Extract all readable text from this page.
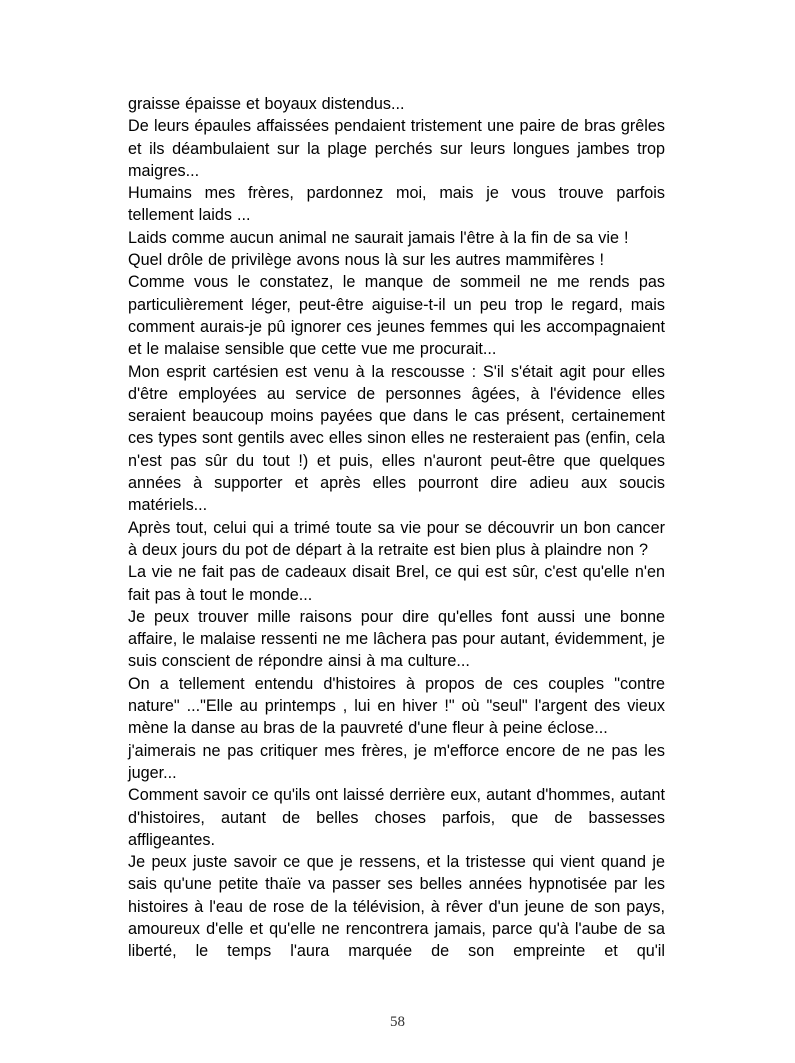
graisse épaisse et boyaux distendus...

De leurs épaules affaissées pendaient tristement une paire de bras grêles et ils déambulaient sur la plage perchés sur leurs longues jambes trop maigres...

Humains mes frères, pardonnez moi, mais je vous trouve parfois tellement laids ...

Laids comme aucun animal ne saurait jamais l'être à la fin de sa vie !

Quel drôle de privilège avons nous là sur les autres mammifères !

Comme vous le constatez, le manque de sommeil ne me rends pas particulièrement léger, peut-être aiguise-t-il un peu trop le regard, mais comment aurais-je pû ignorer ces jeunes femmes qui les accompagnaient et le malaise sensible que cette vue me procurait...

Mon esprit cartésien est venu à la rescousse : S'il s'était agit pour elles d'être employées au service de personnes âgées, à l'évidence elles seraient beaucoup moins payées que dans le cas présent, certainement ces types sont gentils avec elles sinon elles ne resteraient pas (enfin, cela n'est pas sûr du tout !) et puis, elles n'auront peut-être que quelques années à supporter et après elles pourront dire adieu aux soucis matériels...

Après tout, celui qui a trimé toute sa vie pour se découvrir un bon cancer à deux jours du pot de départ à la retraite est bien plus à plaindre non ?

La vie ne fait pas de cadeaux disait Brel, ce qui est sûr, c'est qu'elle n'en fait pas à tout le monde...

Je peux trouver mille raisons pour dire qu'elles font aussi une bonne affaire, le malaise ressenti ne me lâchera pas pour autant, évidemment, je suis conscient de répondre ainsi à ma culture...

On a tellement entendu d'histoires à propos de ces couples "contre nature" ..."Elle au printemps , lui en hiver !" où "seul" l'argent des vieux mène la danse au bras de la pauvreté d'une fleur à peine éclose...

j'aimerais ne pas critiquer mes frères, je m'efforce encore de ne pas les juger...

Comment savoir ce qu'ils ont laissé derrière eux, autant d'hommes, autant d'histoires, autant de belles choses parfois, que de bassesses affligeantes.

Je peux juste savoir ce que je ressens, et la tristesse qui vient quand je sais qu'une petite thaïe va passer ses belles années hypnotisée par les histoires à l'eau de rose de la télévision, à rêver d'un jeune de son pays, amoureux d'elle et qu'elle ne rencontrera jamais, parce qu'à l'aube de sa liberté, le temps l'aura marquée de son empreinte et qu'il

58
